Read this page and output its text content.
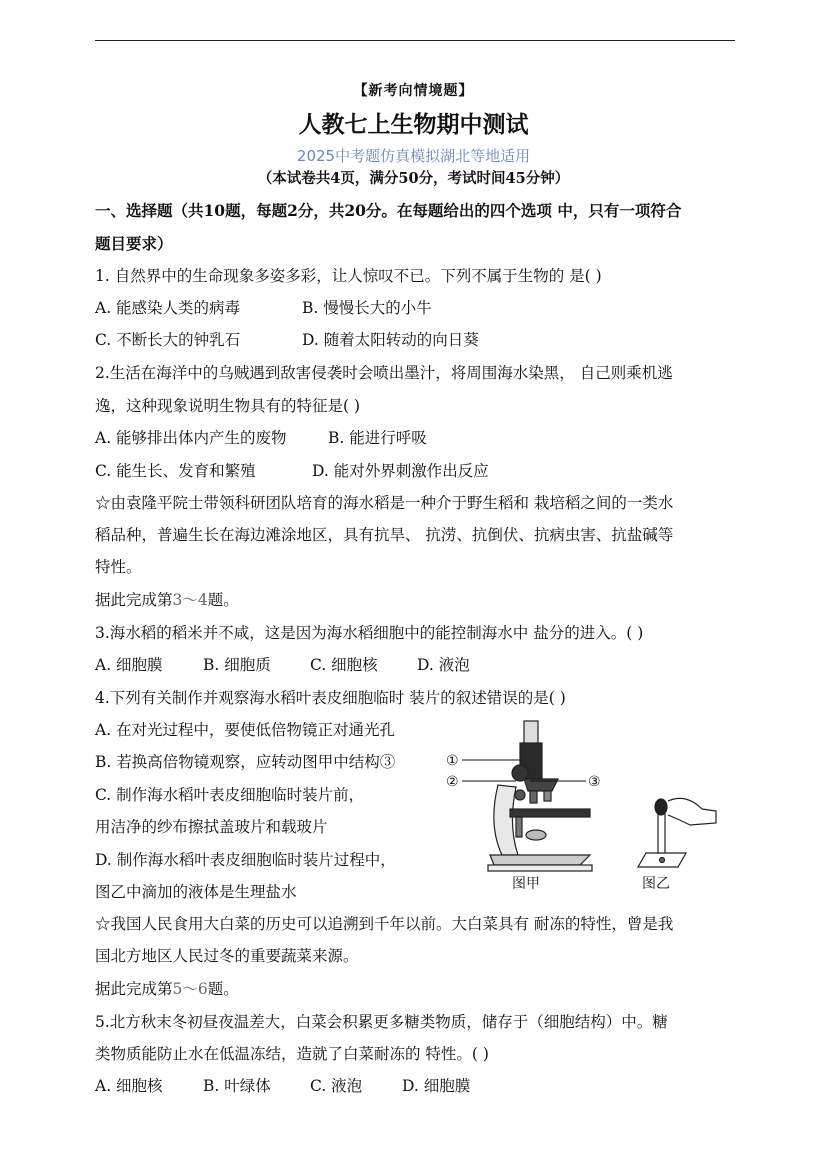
【新考向情境题】
人教七上生物期中测试
2025中考题仿真模拟湖北等地适用
（本试卷共4页，满分50分，考试时间45分钟）
一、选择题（共10题，每题2分，共20分。在每题给出的四个选项 中，只有一项符合
题目要求）
1. 自然界中的生命现象多姿多彩，让人惊叹不已。下列不属于生物的 是( )
A. 能感染人类的病毒	B. 慢慢长大的小牛
C. 不断长大的钟乳石	D. 随着太阳转动的向日葵
2.生活在海洋中的乌贼遇到敌害侵袭时会喷出墨汁，将周围海水染黑， 自己则乘机逃
逸，这种现象说明生物具有的特征是( )
A. 能够排出体内产生的废物	B. 能进行呼吸
C. 能生长、发育和繁殖	D. 能对外界刺激作出反应
☆由袁隆平院士带领科研团队培育的海水稻是一种介于野生稻和 栽培稻之间的一类水
稻品种，普遍生长在海边滩涂地区，具有抗旱、 抗涝、抗倒伏、抗病虫害、抗盐碱等
特性。
据此完成第3～4题。
3.海水稻的稻米并不咸，这是因为海水稻细胞中的能控制海水中 盐分的进入。( )
A. 细胞膜	B. 细胞质	C. 细胞核	D. 液泡
4.下列有关制作并观察海水稻叶表皮细胞临时 装片的叙述错误的是( )
A. 在对光过程中，要使低倍物镜正对通光孔
B. 若换高倍物镜观察，应转动图甲中结构③
C. 制作海水稻叶表皮细胞临时装片前，
用洁净的纱布擦拭盖玻片和载玻片
D. 制作海水稻叶表皮细胞临时装片过程中，
图乙中滴加的液体是生理盐水
①
②	③
图甲	图乙
☆我国人民食用大白菜的历史可以追溯到千年以前。大白菜具有 耐冻的特性，曾是我
国北方地区人民过冬的重要蔬菜来源。
据此完成第5～6题。
5.北方秋末冬初昼夜温差大，白菜会积累更多糖类物质，储存于（细胞结构）中。糖
类物质能防止水在低温冻结，造就了白菜耐冻的 特性。( )
A. 细胞核	B. 叶绿体	C. 液泡	D. 细胞膜
